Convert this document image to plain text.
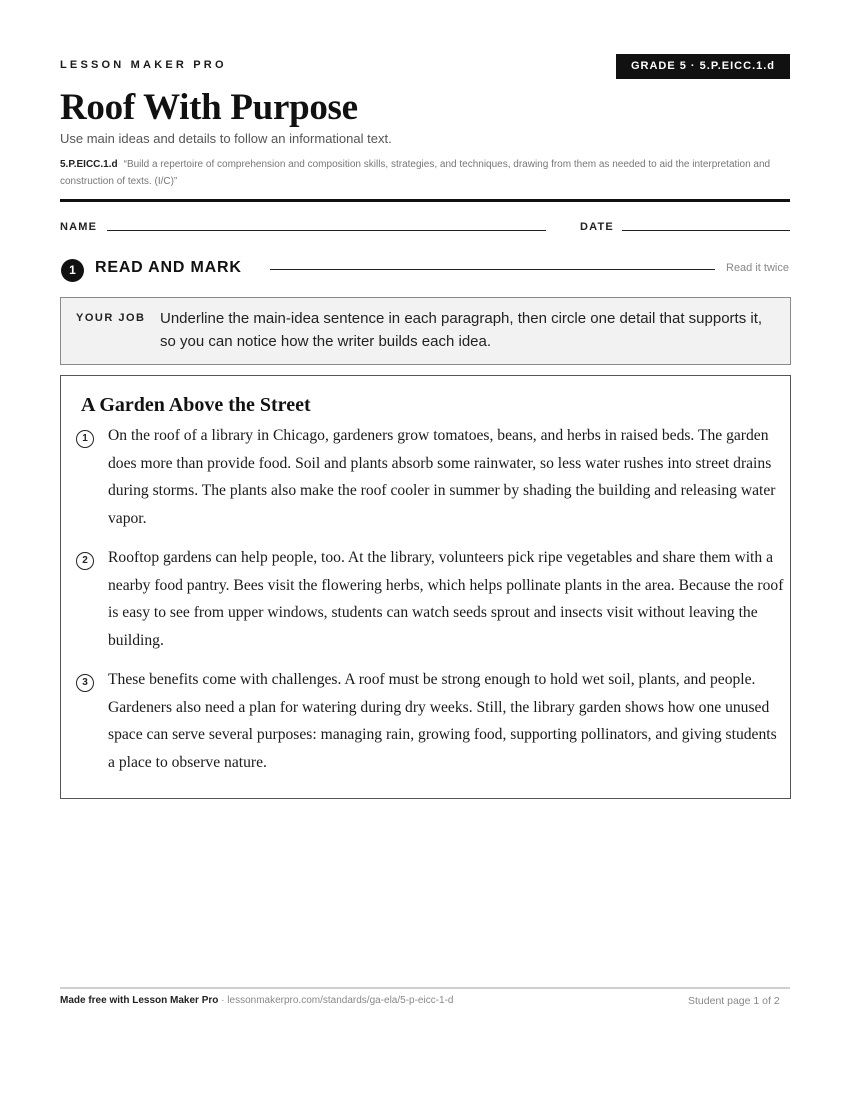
LESSON MAKER PRO	GRADE 5 · 5.P.EICC.1.d
Roof With Purpose
Use main ideas and details to follow an informational text.
5.P.EICC.1.d “Build a repertoire of comprehension and composition skills, strategies, and techniques, drawing from them as needed to aid the interpretation and construction of texts. (I/C)”
NAME	DATE
1	READ AND MARK	Read it twice
YOUR JOB Underline the main-idea sentence in each paragraph, then circle one detail that supports it, so you can notice how the writer builds each idea.
A Garden Above the Street
1	On the roof of a library in Chicago, gardeners grow tomatoes, beans, and herbs in raised beds. The garden does more than provide food. Soil and plants absorb some rainwater, so less water rushes into street drains during storms. The plants also make the roof cooler in summer by shading the building and releasing water vapor.

2	Rooftop gardens can help people, too. At the library, volunteers pick ripe vegetables and share them with a nearby food pantry. Bees visit the flowering herbs, which helps pollinate plants in the area. Because the roof is easy to see from upper windows, students can watch seeds sprout and insects visit without leaving the building.

3	These benefits come with challenges. A roof must be strong enough to hold wet soil, plants, and people. Gardeners also need a plan for watering during dry weeks. Still, the library garden shows how one unused space can serve several purposes: managing rain, growing food, supporting pollinators, and giving students a place to observe nature.

Made free with Lesson Maker Pro · lessonmakerpro.com/standards/ga-ela/5-p-eicc-1-d	Student page 1 of 2
